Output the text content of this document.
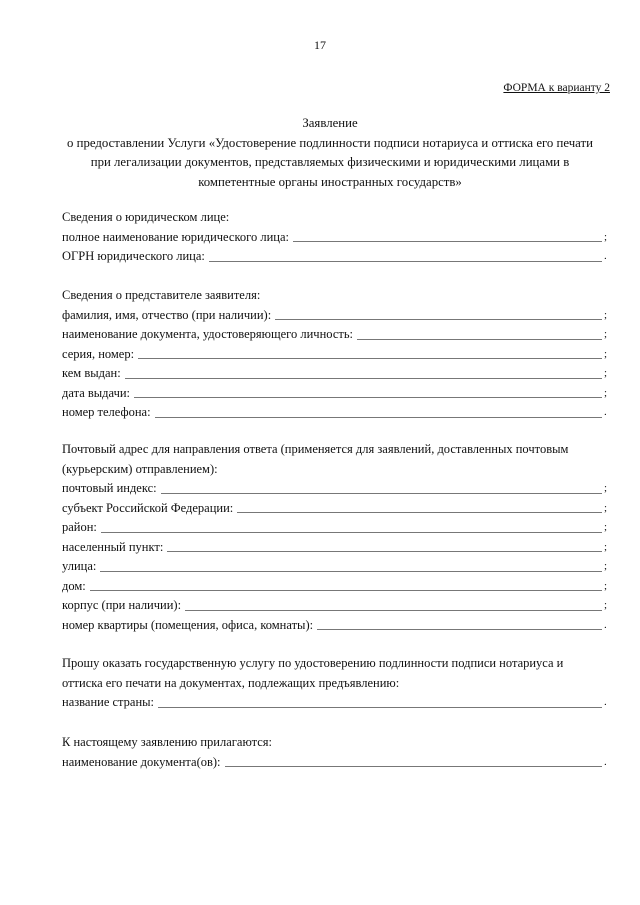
17
ФОРМА к варианту 2
Заявление
о предоставлении Услуги «Удостоверение подлинности подписи нотариуса и оттиска его печати
при легализации документов, представляемых физическими и юридическими лицами в
компетентные органы иностранных государств»
Сведения о юридическом лице:
полное наименование юридического лица:	;
ОГРН юридического лица:	.
Сведения о представителе заявителя:
фамилия, имя, отчество (при наличии):	;
наименование документа, удостоверяющего личность:	;
серия, номер:	;
кем выдан:	;
дата выдачи:	;
номер телефона:	.
Почтовый адрес для направления ответа (применяется для заявлений, доставленных почтовым
(курьерским) отправлением):
почтовый индекс:	;
субъект Российской Федерации:	;
район:	;
населенный пункт:	;
улица:	;
дом:	;
корпус (при наличии):	;
номер квартиры (помещения, офиса, комнаты):	.
Прошу оказать государственную услугу по удостоверению подлинности подписи нотариуса и
оттиска его печати на документах, подлежащих предъявлению:
название страны:	.
К настоящему заявлению прилагаются:
наименование документа(ов):	.
